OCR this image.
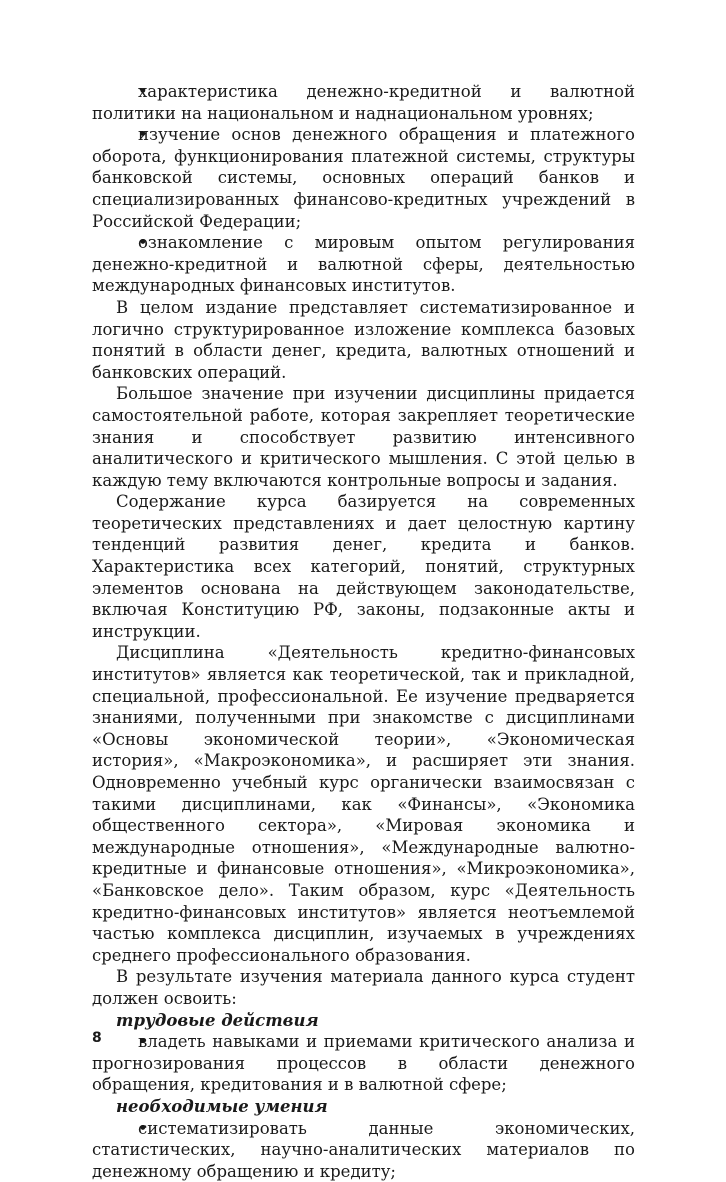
• характеристика денежно-кредитной и валютной политики на национальном и наднациональном уровнях;

• изучение основ денежного обращения и платежного оборота, функционирования платежной системы, структуры банковской системы, основных операций банков и специализированных финансово-кредитных учреждений в Российской Федерации;

• ознакомление с мировым опытом регулирования денежно-кредитной и валютной сферы, деятельностью международных финансовых институтов.

В целом издание представляет систематизированное и логично структурированное изложение комплекса базовых понятий в области денег, кредита, валютных отношений и банковских операций.

Большое значение при изучении дисциплины придается самостоятельной работе, которая закрепляет теоретические знания и способствует развитию интенсивного аналитического и критического мышления. С этой целью в каждую тему включаются контрольные вопросы и задания.

Содержание курса базируется на современных теоретических представлениях и дает целостную картину тенденций развития денег, кредита и банков. Характеристика всех категорий, понятий, структурных элементов основана на действующем законодательстве, включая Конституцию РФ, законы, подзаконные акты и инструкции.

Дисциплина «Деятельность кредитно-финансовых институтов» является как теоретической, так и прикладной, специальной, профессиональной. Ее изучение предваряется знаниями, полученными при знакомстве с дисциплинами «Основы экономической теории», «Экономическая история», «Макроэкономика», и расширяет эти знания. Одновременно учебный курс органически взаимосвязан с такими дисциплинами, как «Финансы», «Экономика общественного сектора», «Мировая экономика и международные отношения», «Международные валютно-кредитные и финансовые отношения», «Микроэкономика», «Банковское дело». Таким образом, курс «Деятельность кредитно-финансовых институтов» является неотъемлемой частью комплекса дисциплин, изучаемых в учреждениях среднего профессионального образования.

В результате изучения материала данного курса студент должен освоить:

трудовые действия

• владеть навыками и приемами критического анализа и прогнозирования процессов в области денежного обращения, кредитования и в валютной сфере;

необходимые умения

• систематизировать данные экономических, статистических, научно-аналитических материалов по денежному обращению и кредиту;

8
